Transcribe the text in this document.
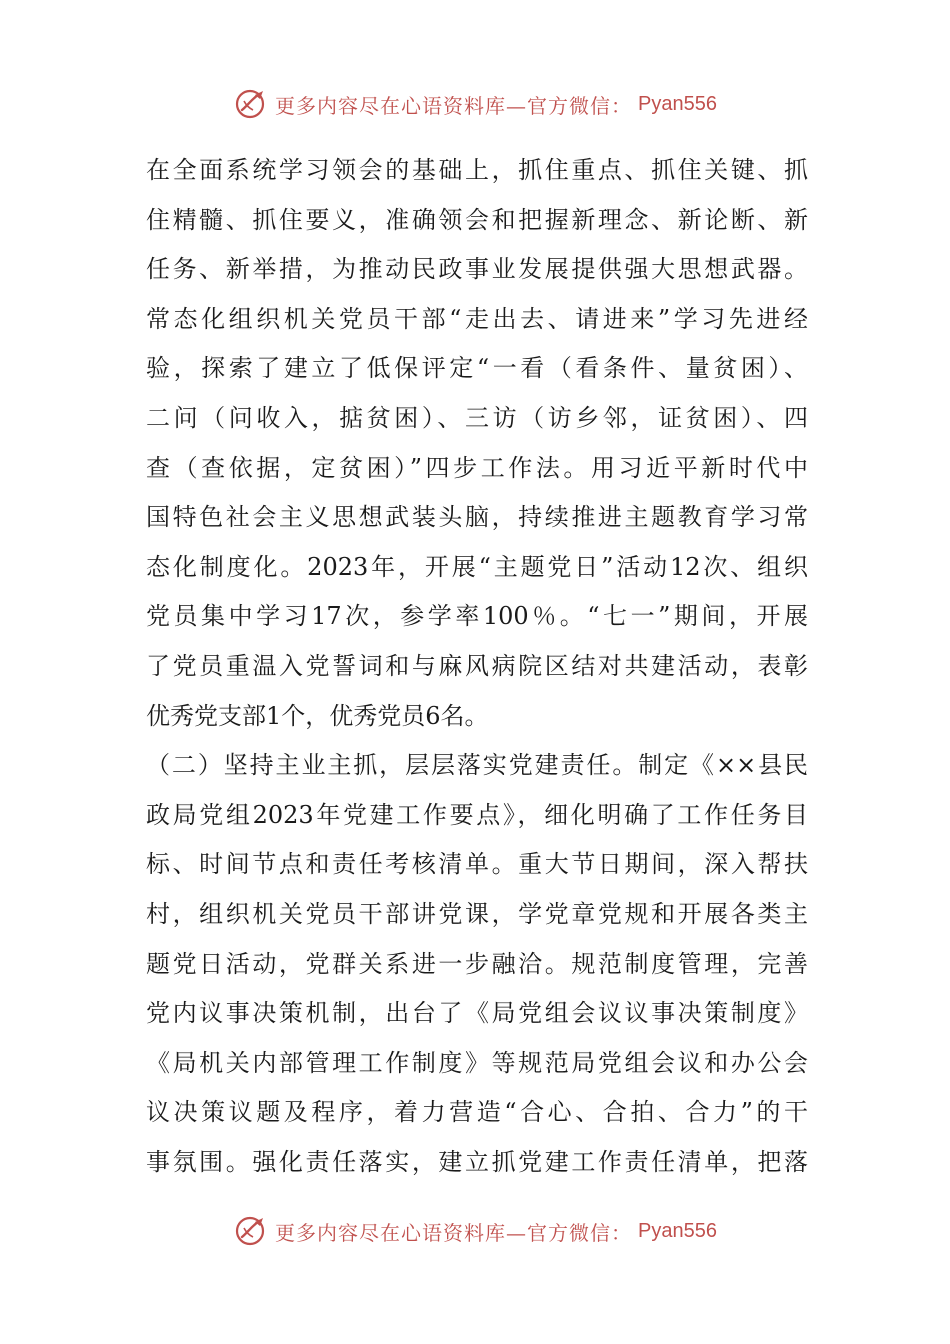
更多内容尽在心语资料库—官方微信： Pyan556
在全面系统学习领会的基础上，抓住重点、抓住关键、抓
住精髓、抓住要义，准确领会和把握新理念、新论断、新
任务、新举措，为推动民政事业发展提供强大思想武器。
常态化组织机关党员干部“走出去、请进来”学习先进经
验，探索了建立了低保评定“一看（看条件、量贫困）、
二问（问收入，掂贫困）、三访（访乡邻，证贫困）、四
查（查依据，定贫困）”四步工作法。用习近平新时代中
国特色社会主义思想武装头脑，持续推进主题教育学习常
态化制度化。2023年，开展“主题党日”活动12次、组织
党员集中学习17次，参学率100％。“七一”期间，开展
了党员重温入党誓词和与麻风病院区结对共建活动，表彰
优秀党支部1个，优秀党员6名。
（二）坚持主业主抓，层层落实党建责任。制定《××县民
政局党组2023年党建工作要点》，细化明确了工作任务目
标、时间节点和责任考核清单。重大节日期间，深入帮扶
村，组织机关党员干部讲党课，学党章党规和开展各类主
题党日活动，党群关系进一步融洽。规范制度管理，完善
党内议事决策机制，出台了《局党组会议议事决策制度》
《局机关内部管理工作制度》等规范局党组会议和办公会
议决策议题及程序，着力营造“合心、合拍、合力”的干
事氛围。强化责任落实，建立抓党建工作责任清单，把落
更多内容尽在心语资料库—官方微信： Pyan556
